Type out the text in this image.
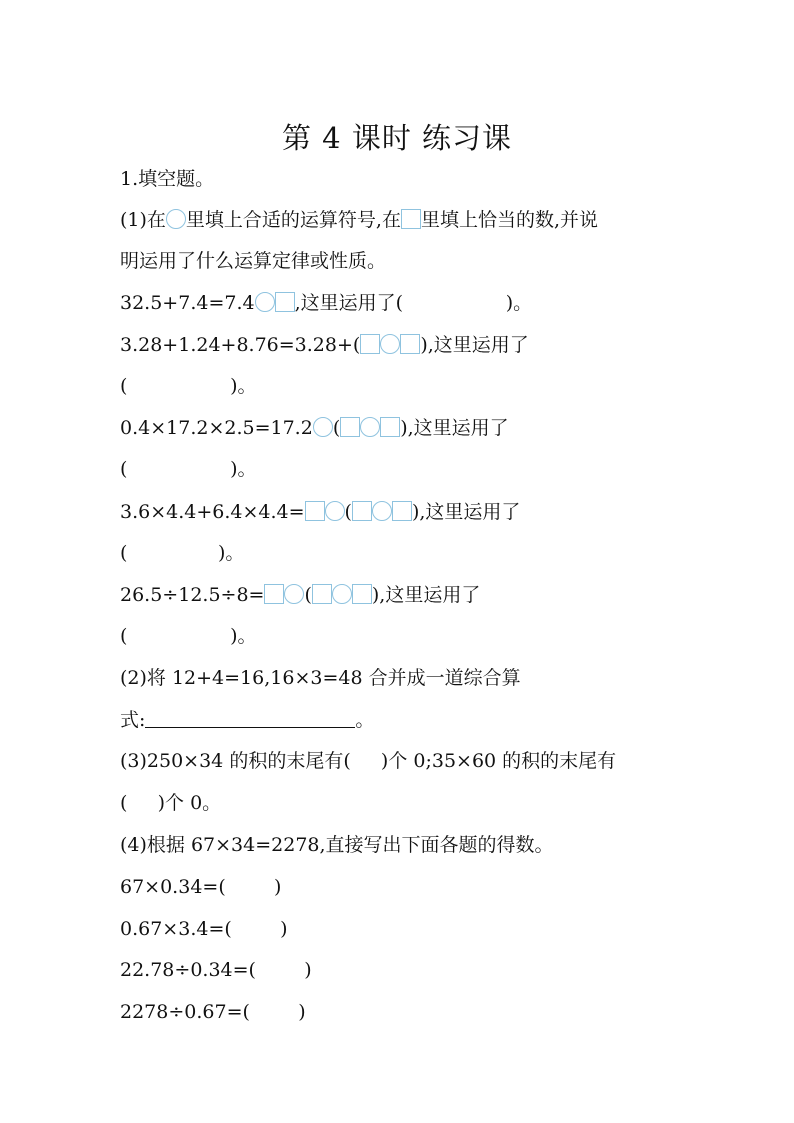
第 4 课时 练习课
1.填空题。
(1)在 里填上合适的运算符号,在 里填上恰当的数,并说
明运用了什么运算定律或性质。
32.5+7.4=7.4 ,这里运用了(                 )。
3.28+1.24+8.76=3.28+(	),这里运用了
(                 )。
0.4×17.2×2.5=17.2 (	),这里运用了
(                 )。
3.6×4.4+6.4×4.4= (	),这里运用了
(               )。
26.5÷12.5÷8= (	),这里运用了
(                 )。
(2)将 12+4=16,16×3=48 合并成一道综合算
式:	。
(3)250×34 的积的末尾有(     )个 0;35×60 的积的末尾有
(     )个 0。
(4)根据 67×34=2278,直接写出下面各题的得数。
67×0.34=(        )
0.67×3.4=(        )
22.78÷0.34=(        )
2278÷0.67=(        )
